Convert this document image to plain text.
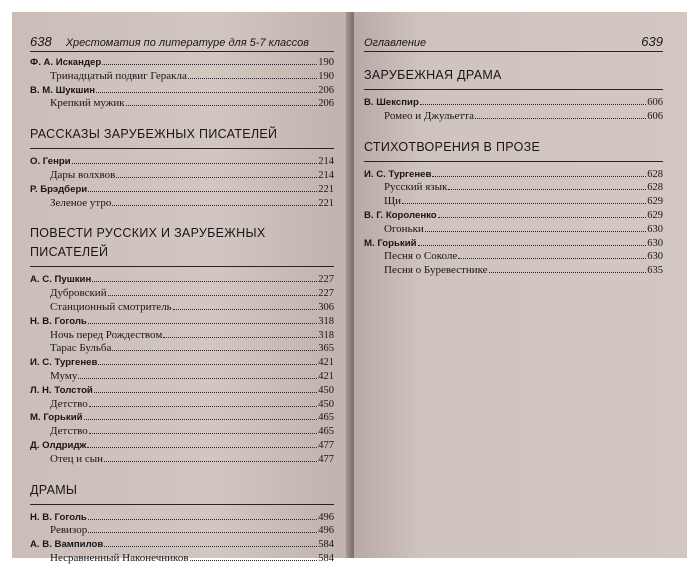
638 Хрестоматия по литературе для 5-7 классов
Ф. А. Искандер	190
Тринадцатый подвиг Геракла	190
В. М. Шукшин	206
Крепкий мужик	206
РАССКАЗЫ ЗАРУБЕЖНЫХ ПИСАТЕЛЕЙ
О. Генри	214
Дары волхвов	214
Р. Брэдбери	221
Зеленое утро	221
ПОВЕСТИ РУССКИХ И ЗАРУБЕЖНЫХ ПИСАТЕЛЕЙ
А. С. Пушкин	227
Дубровский	227
Станционный смотритель	306
Н. В. Гоголь	318
Ночь перед Рождеством	318
Тарас Бульба	365
И. С. Тургенев	421
Муму	421
Л. Н. Толстой	450
Детство	450
М. Горький	465
Детство	465
Д. Олдридж	477
Отец и сын	477
ДРАМЫ
Н. В. Гоголь	496
Ревизор	496
А. В. Вампилов	584
Несравненный Наконечников	584
Оглавление	639
ЗАРУБЕЖНАЯ ДРАМА
В. Шекспир	606
Ромео и Джульетта	606
СТИХОТВОРЕНИЯ В ПРОЗЕ
И. С. Тургенев	628
Русский язык	628
Щи	629
В. Г. Короленко	629
Огоньки	630
М. Горький	630
Песня о Соколе	630
Песня о Буревестнике	635
